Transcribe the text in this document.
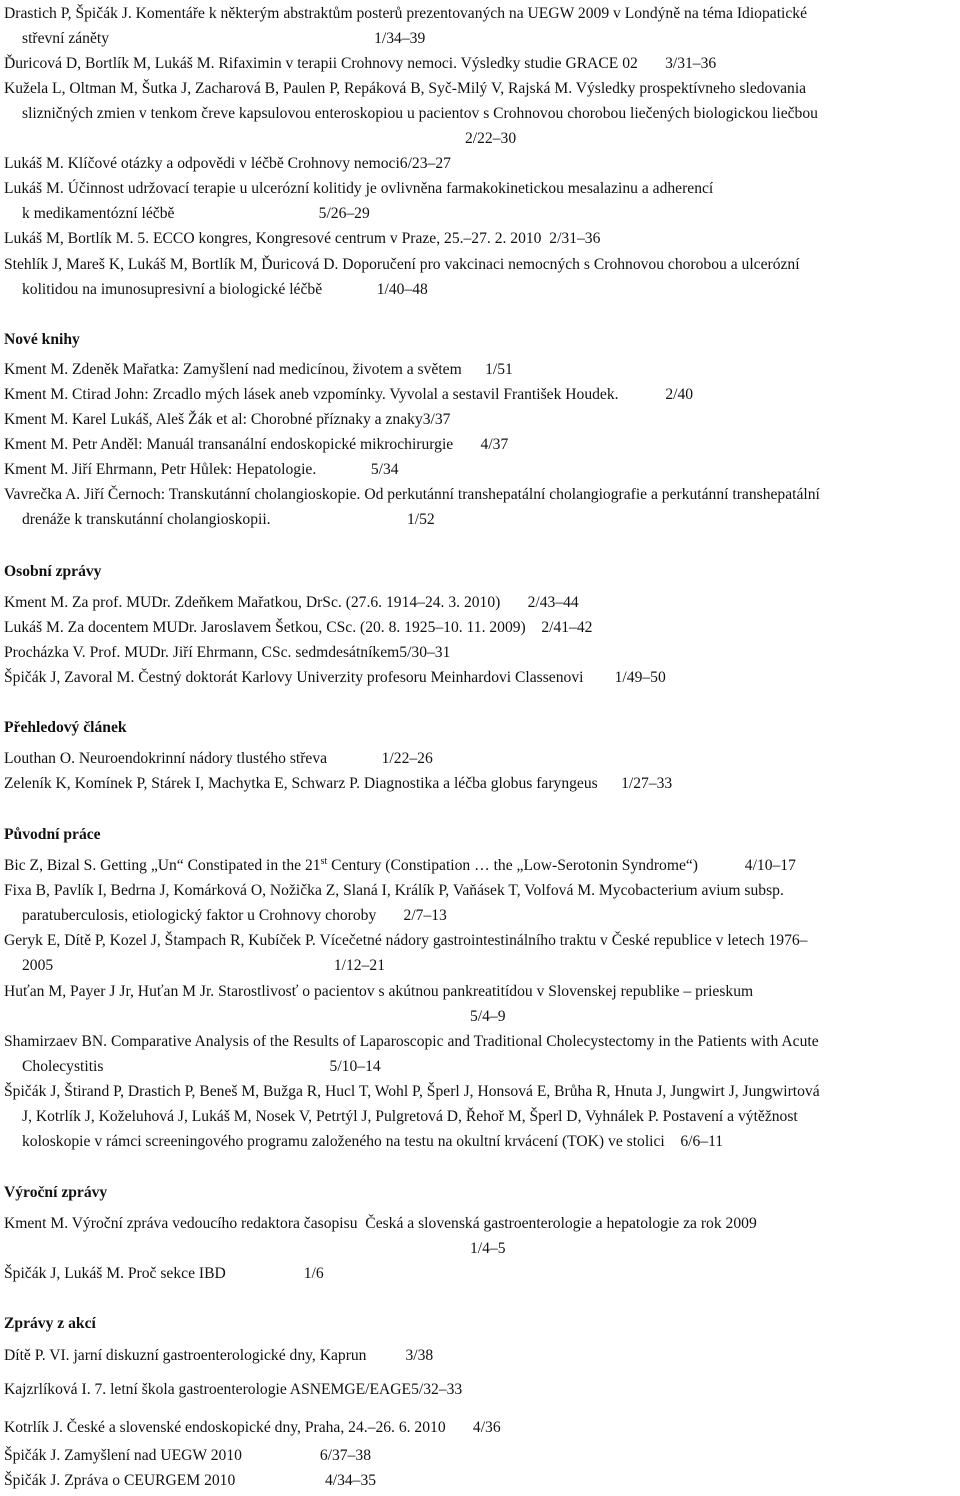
Drastich P, Špičák J. Komentáře k některým abstraktům posterů prezentovaných na UEGW 2009 v Londýně na téma Idiopatické
střevní záněty                                                                    1/34–39
Ďuricová D, Bortlík M, Lukáš M. Rifaximin v terapii Crohnovy nemoci. Výsledky studie GRACE 02       3/31–36
Kužela L, Oltman M, Šutka J, Zacharová B, Paulen P, Repáková B, Syč-Milý V, Rajská M. Výsledky prospektívneho sledovania
slizničných zmien v tenkom čreve kapsulovou enteroskopiou u pacientov s Crohnovou chorobou liečených biologickou liečbou
2/22–30
Lukáš M. Klíčové otázky a odpovědi v léčbě Crohnovy nemoci6/23–27
Lukáš M. Účinnost udržovací terapie u ulcerózní kolitidy je ovlivněna farmakokinetickou mesalazinu a adherencí
k medikamentózní léčbě                                     5/26–29
Lukáš M, Bortlík M. 5. ECCO kongres, Kongresové centrum v Praze, 25.–27. 2. 2010  2/31–36
Stehlík J, Mareš K, Lukáš M, Bortlík M, Ďuricová D. Doporučení pro vakcinaci nemocných s Crohnovou chorobou a ulcerózní
kolitidou na imunosupresivní a biologické léčbě              1/40–48
Nové knihy
Kment M. Zdeněk Mařatka: Zamyšlení nad medicínou, životem a světem      1/51
Kment M. Ctirad John: Zrcadlo mých lásek aneb vzpomínky. Vyvolal a sestavil František Houdek.            2/40
Kment M. Karel Lukáš, Aleš Žák et al: Chorobné příznaky a znaky3/37
Kment M. Petr Anděl: Manuál transanální endoskopické mikrochirurgie       4/37
Kment M. Jiří Ehrmann, Petr Hůlek: Hepatologie.              5/34
Vavrečka A. Jiří Černoch: Transkutánní cholangioskopie. Od perkutánní transhepatální cholangiografie a perkutánní transhepatální
drenáže k transkutánní cholangioskopii.                                   1/52
Osobní zprávy
Kment M. Za prof. MUDr. Zdeňkem Mařatkou, DrSc. (27.6. 1914–24. 3. 2010)       2/43–44
Lukáš M. Za docentem MUDr. Jaroslavem Šetkou, CSc. (20. 8. 1925–10. 11. 2009)    2/41–42
Procházka V. Prof. MUDr. Jiří Ehrmann, CSc. sedmdesátníkem5/30–31
Špičák J, Zavoral M. Čestný doktorát Karlovy Univerzity profesoru Meinhardovi Classenovi        1/49–50
Přehledový článek
Louthan O. Neuroendokrinní nádory tlustého střeva              1/22–26
Zeleník K, Komínek P, Stárek I, Machytka E, Schwarz P. Diagnostika a léčba globus faryngeus      1/27–33
Původní práce
Bic Z, Bizal S. Getting „Un“ Constipated in the 21st Century (Constipation … the „Low-Serotonin Syndrome“)            4/10–17
Fixa B, Pavlík I, Bedrna J, Komárková O, Nožička Z, Slaná I, Králík P, Vaňásek T, Volfová M. Mycobacterium avium subsp.
paratuberculosis, etiologický faktor u Crohnovy choroby       2/7–13
Geryk E, Dítě P, Kozel J, Štampach R, Kubíček P. Vícečetné nádory gastrointestinálního traktu v České republice v letech 1976–
2005                                                                        1/12–21
Huťan M, Payer J Jr, Huťan M Jr. Starostlivosť o pacientov s akútnou pankreatitídou v Slovenskej republike – prieskum
5/4–9
Shamirzaev BN. Comparative Analysis of the Results of Laparoscopic and Traditional Cholecystectomy in the Patients with Acute
Cholecystitis                                                          5/10–14
Špičák J, Štirand P, Drastich P, Beneš M, Bužga R, Hucl T, Wohl P, Šperl J, Honsová E, Brůha R, Hnuta J, Jungwirt J, Jungwirtová
J, Kotrlík J, Koželuhová J, Lukáš M, Nosek V, Petrtýl J, Pulgretová D, Řehoř M, Šperl D, Vyhnálek P. Postavení a výtěžnost
koloskopie v rámci screeningového programu založeného na testu na okultní krvácení (TOK) ve stolici    6/6–11
Výroční zprávy
Kment M. Výroční zpráva vedoucího redaktora časopisu  Česká a slovenská gastroenterologie a hepatologie za rok 2009
1/4–5
Špičák J, Lukáš M. Proč sekce IBD                    1/6
Zprávy z akcí
Dítě P. VI. jarní diskuzní gastroenterologické dny, Kaprun          3/38
Kajzrlíková I. 7. letní škola gastroenterologie ASNEMGE/EAGE5/32–33
Kotrlík J. České a slovenské endoskopické dny, Praha, 24.–26. 6. 2010       4/36
Špičák J. Zamyšlení nad UEGW 2010                    6/37–38
Špičák J. Zpráva o CEURGEM 2010                       4/34–35
